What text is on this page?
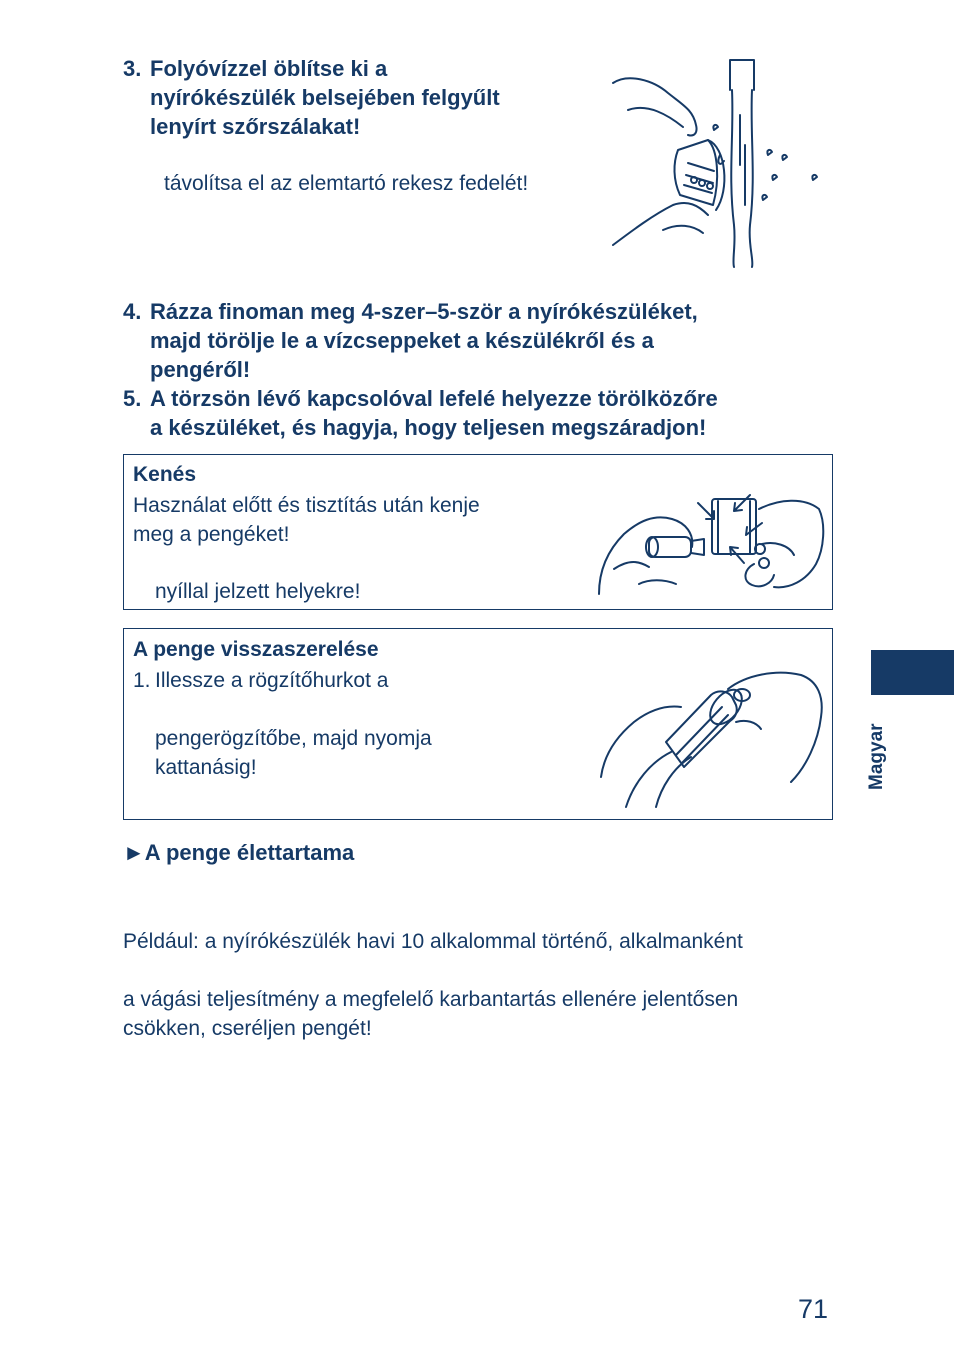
3. Folyóvízzel öblítse ki a
nyírókészülék belsejében felgyűlt
lenyírt szőrszálakat!
távolítsa el az elemtartó rekesz fedelét!
4. Rázza finoman meg 4-szer–5-ször a nyírókészüléket,
majd törölje le a vízcseppeket a készülékről és a
pengéről!
5. A törzsön lévő kapcsolóval lefelé helyezze törölközőre
a készüléket, és hagyja, hogy teljesen megszáradjon!
Kenés
Használat előtt és tisztítás után kenje
meg a pengéket!
nyíllal jelzett helyekre!
A penge visszaszerelése
1. Illessze a rögzítőhurkot a
pengerögzítőbe, majd nyomja
kattanásig!	Magyar
►A penge élettartama
Például: a nyírókészülék havi 10 alkalommal történő, alkalmanként
a vágási teljesítmény a megfelelő karbantartás ellenére jelentősen
csökken, cseréljen pengét!
71
